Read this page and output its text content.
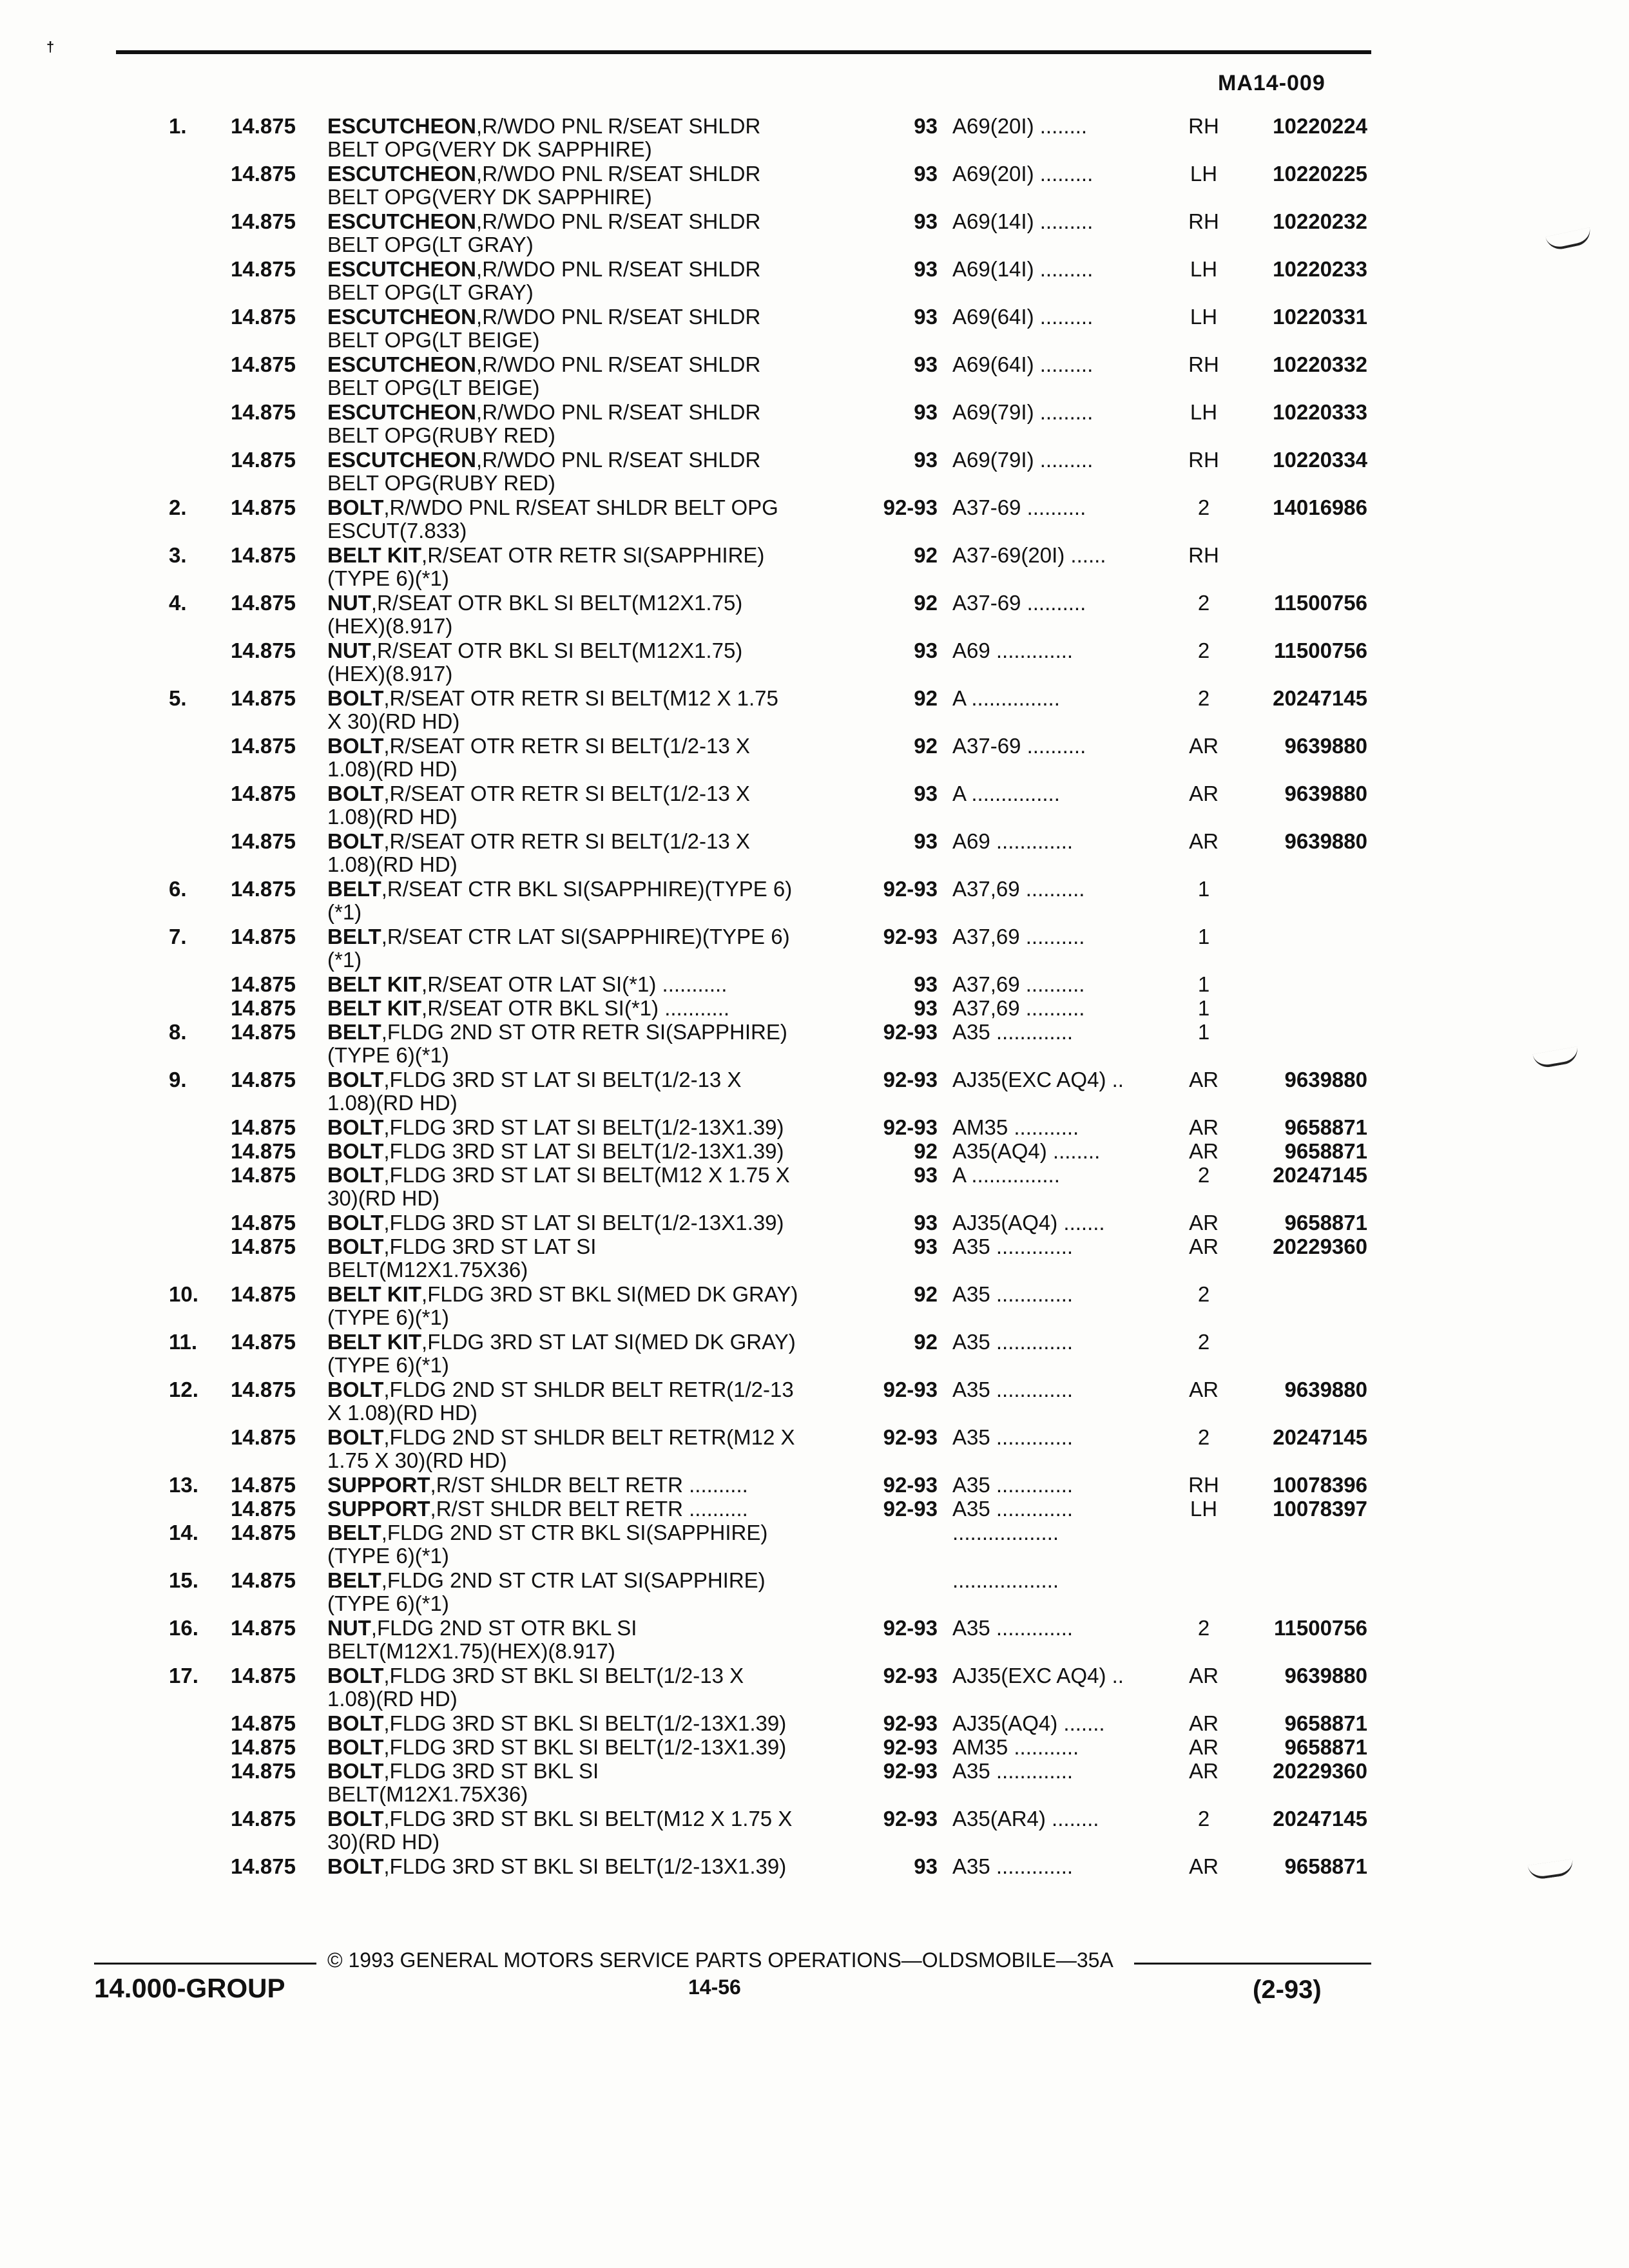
†
MA14-009
1. 14.875	93 A69(20I) ........	RH	10220224
ESCUTCHEON,R/WDO PNL R/SEAT SHLDR
BELT OPG(VERY DK SAPPHIRE)
14.875	93 A69(20I) .........	LH	10220225
ESCUTCHEON,R/WDO PNL R/SEAT SHLDR
BELT OPG(VERY DK SAPPHIRE)
14.875	93 A69(14I) .........	RH	10220232
ESCUTCHEON,R/WDO PNL R/SEAT SHLDR
BELT OPG(LT GRAY)
14.875	93 A69(14I) .........	LH	10220233
ESCUTCHEON,R/WDO PNL R/SEAT SHLDR
BELT OPG(LT GRAY)
14.875	93 A69(64I) .........	LH	10220331
ESCUTCHEON,R/WDO PNL R/SEAT SHLDR
BELT OPG(LT BEIGE)
14.875	93 A69(64I) .........	RH	10220332
ESCUTCHEON,R/WDO PNL R/SEAT SHLDR
BELT OPG(LT BEIGE)
14.875	93 A69(79I) .........	LH	10220333
ESCUTCHEON,R/WDO PNL R/SEAT SHLDR
BELT OPG(RUBY RED)
14.875	93 A69(79I) .........	RH	10220334
ESCUTCHEON,R/WDO PNL R/SEAT SHLDR
BELT OPG(RUBY RED)
2. 14.875	92-93 A37-69 ..........	2	14016986
BOLT,R/WDO PNL R/SEAT SHLDR BELT OPG
ESCUT(7.833)
3. 14.875	92 A37-69(20I) ......	RH
BELT KIT,R/SEAT OTR RETR SI(SAPPHIRE)
(TYPE 6)(*1)
4. 14.875	92 A37-69 ..........	2	11500756
NUT,R/SEAT OTR BKL SI BELT(M12X1.75)
(HEX)(8.917)
14.875	93 A69 .............	2	11500756
NUT,R/SEAT OTR BKL SI BELT(M12X1.75)
(HEX)(8.917)
5. 14.875	92 A ...............	2	20247145
BOLT,R/SEAT OTR RETR SI BELT(M12 X 1.75
X 30)(RD HD)
14.875	92 A37-69 ..........	AR	9639880
BOLT,R/SEAT OTR RETR SI BELT(1/2-13 X
1.08)(RD HD)
14.875	93 A ...............	AR	9639880
BOLT,R/SEAT OTR RETR SI BELT(1/2-13 X
1.08)(RD HD)
14.875	93 A69 .............	AR	9639880
BOLT,R/SEAT OTR RETR SI BELT(1/2-13 X
1.08)(RD HD)
6. 14.875	92-93 A37,69 ..........	1
BELT,R/SEAT CTR BKL SI(SAPPHIRE)(TYPE 6)
(*1)
7. 14.875	92-93 A37,69 ..........	1
BELT,R/SEAT CTR LAT SI(SAPPHIRE)(TYPE 6)
(*1)
14.875	93 A37,69 ..........	1
BELT KIT,R/SEAT OTR LAT SI(*1) ...........
14.875	93 A37,69 ..........	1
BELT KIT,R/SEAT OTR BKL SI(*1) ...........
8. 14.875	92-93 A35 .............	1
BELT,FLDG 2ND ST OTR RETR SI(SAPPHIRE)
(TYPE 6)(*1)
9. 14.875	92-93 AJ35(EXC AQ4) ..	AR	9639880
BOLT,FLDG 3RD ST LAT SI BELT(1/2-13 X
1.08)(RD HD)
14.875	92-93 AM35 ...........	AR	9658871
BOLT,FLDG 3RD ST LAT SI BELT(1/2-13X1.39)
14.875	92 A35(AQ4) ........	AR	9658871
BOLT,FLDG 3RD ST LAT SI BELT(1/2-13X1.39)
14.875	93 A ...............	2	20247145
BOLT,FLDG 3RD ST LAT SI BELT(M12 X 1.75 X
30)(RD HD)
14.875	93 AJ35(AQ4) .......	AR	9658871
BOLT,FLDG 3RD ST LAT SI BELT(1/2-13X1.39)
14.875	93 A35 .............	AR	20229360
BOLT,FLDG 3RD ST LAT SI
BELT(M12X1.75X36)
10. 14.875	92 A35 .............	2
BELT KIT,FLDG 3RD ST BKL SI(MED DK GRAY)
(TYPE 6)(*1)
11. 14.875	92 A35 .............	2
BELT KIT,FLDG 3RD ST LAT SI(MED DK GRAY)
(TYPE 6)(*1)
12. 14.875	92-93 A35 .............	AR	9639880
BOLT,FLDG 2ND ST SHLDR BELT RETR(1/2-13
X 1.08)(RD HD)
14.875	92-93 A35 .............	2	20247145
BOLT,FLDG 2ND ST SHLDR BELT RETR(M12 X
1.75 X 30)(RD HD)
13. 14.875	92-93 A35 .............	RH	10078396
SUPPORT,R/ST SHLDR BELT RETR ..........
14.875	92-93 A35 .............	LH	10078397
SUPPORT,R/ST SHLDR BELT RETR ..........
14. 14.875	..................
BELT,FLDG 2ND ST CTR BKL SI(SAPPHIRE)
(TYPE 6)(*1)
15. 14.875	..................
BELT,FLDG 2ND ST CTR LAT SI(SAPPHIRE)
(TYPE 6)(*1)
16. 14.875	92-93 A35 .............	2	11500756
NUT,FLDG 2ND ST OTR BKL SI
BELT(M12X1.75)(HEX)(8.917)
17. 14.875	92-93 AJ35(EXC AQ4) ..	AR	9639880
BOLT,FLDG 3RD ST BKL SI BELT(1/2-13 X
1.08)(RD HD)
14.875	92-93 AJ35(AQ4) .......	AR	9658871
BOLT,FLDG 3RD ST BKL SI BELT(1/2-13X1.39)
14.875	92-93 AM35 ...........	AR	9658871
BOLT,FLDG 3RD ST BKL SI BELT(1/2-13X1.39)
14.875	92-93 A35 .............	AR	20229360
BOLT,FLDG 3RD ST BKL SI
BELT(M12X1.75X36)
14.875	92-93 A35(AR4) ........	2	20247145
BOLT,FLDG 3RD ST BKL SI BELT(M12 X 1.75 X
30)(RD HD)
14.875	93 A35 .............	AR	9658871
BOLT,FLDG 3RD ST BKL SI BELT(1/2-13X1.39)
© 1993 GENERAL MOTORS SERVICE PARTS OPERATIONS—OLDSMOBILE—35A
14.000-GROUP	14-56	(2-93)
